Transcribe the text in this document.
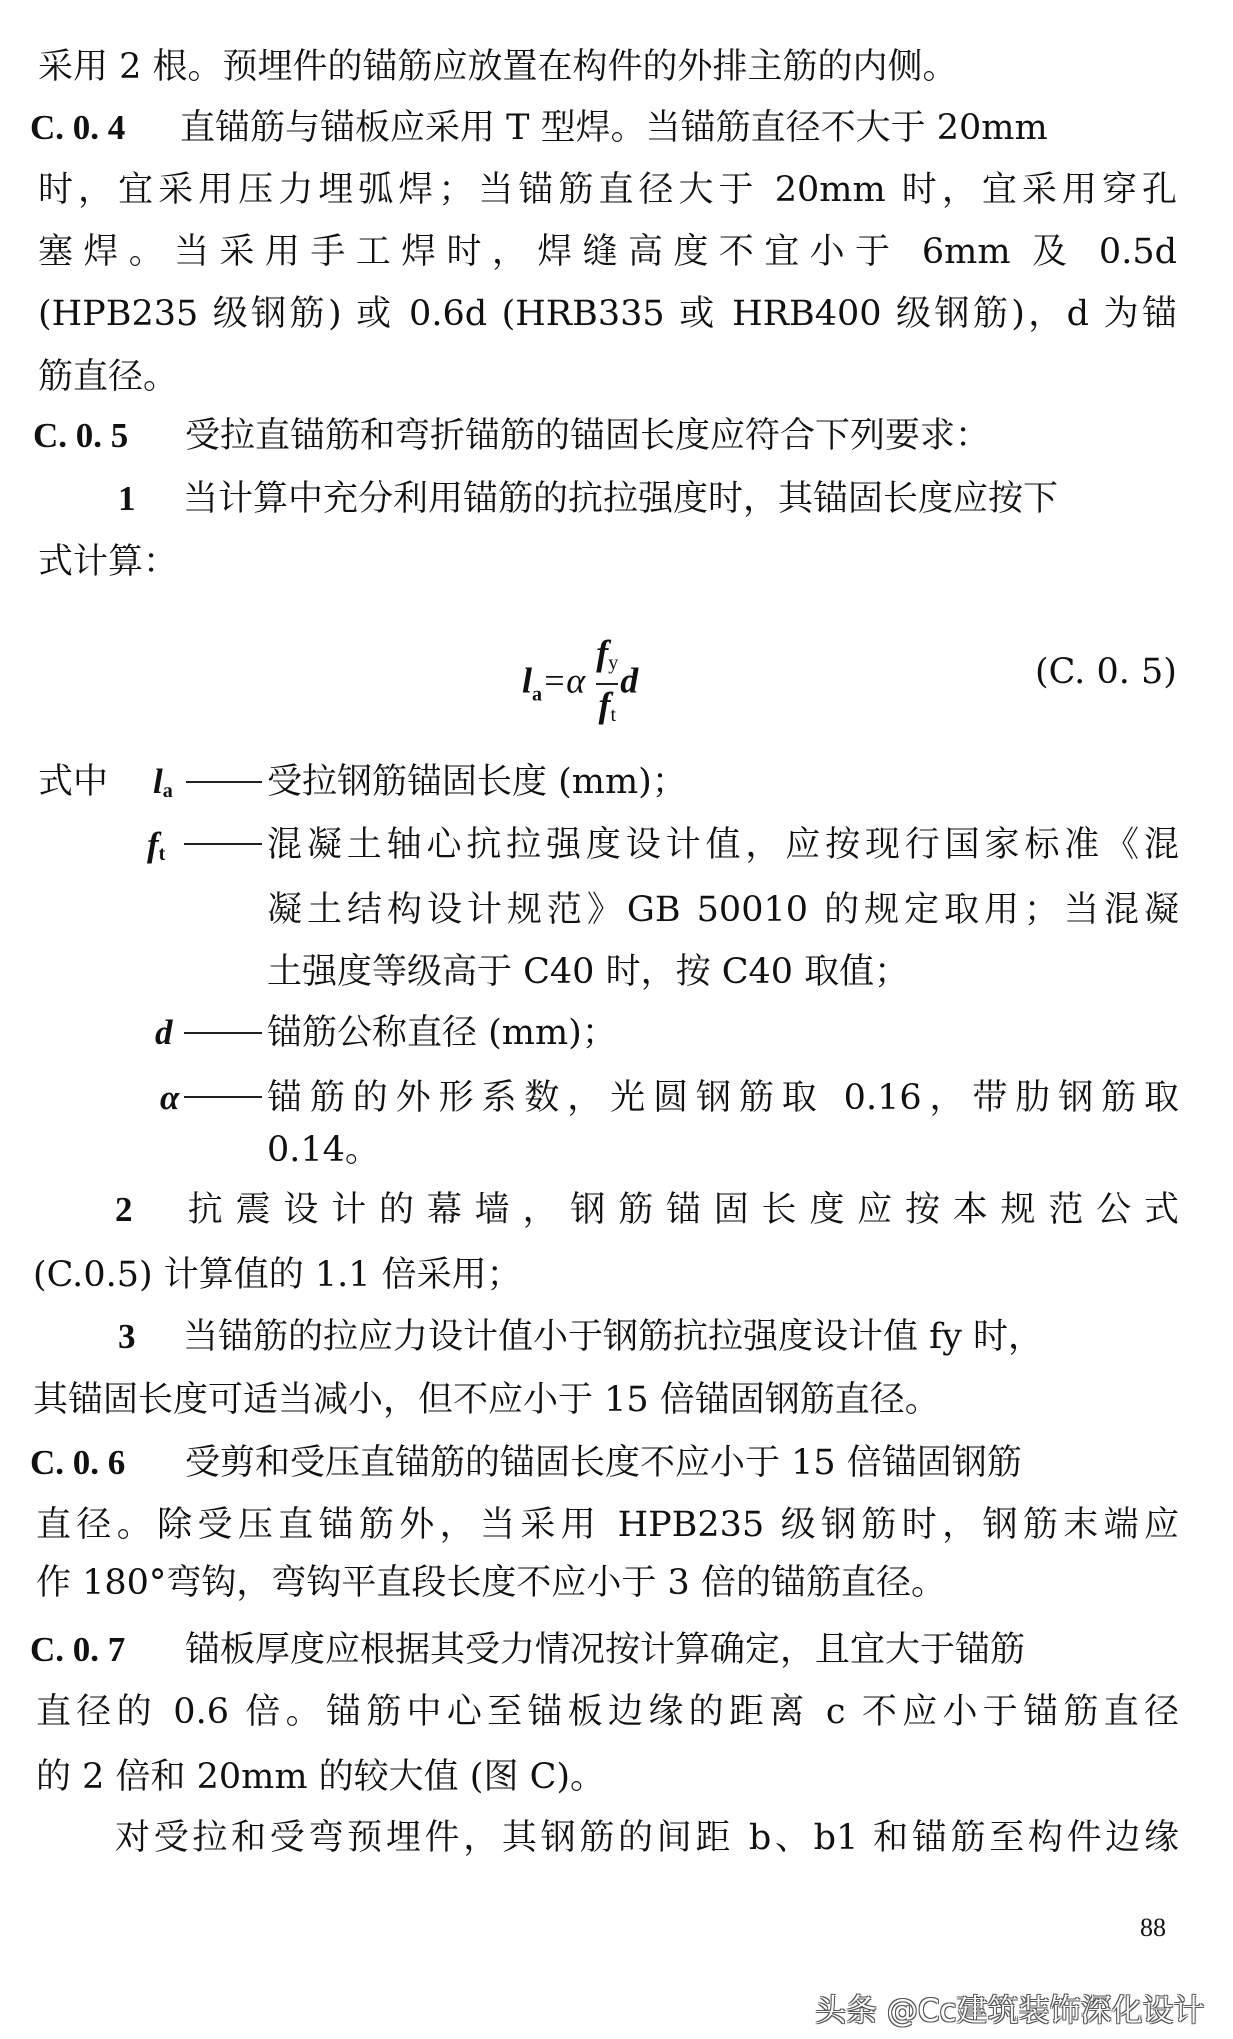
采用 2 根。预埋件的锚筋应放置在构件的外排主筋的内侧。
C. 0. 4 直锚筋与锚板应采用 T 型焊。当锚筋直径不大于 20mm
时，宜采用压力埋弧焊；当锚筋直径大于 20mm 时，宜采用穿孔
塞焊。当采用手工焊时，焊缝高度不宜小于 6mm 及 0.5d
(HPB235 级钢筋) 或 0.6d (HRB335 或 HRB400 级钢筋)，d 为锚
筋直径。
C. 0. 5 受拉直锚筋和弯折锚筋的锚固长度应符合下列要求：
1 当计算中充分利用锚筋的抗拉强度时，其锚固长度应按下
式计算：
$l_a=\alpha \frac{f_y}{f_t}$ d	(C. 0. 5)
式中 $l_a$	受拉钢筋锚固长度 (mm)；
$f_t$	混凝土轴心抗拉强度设计值，应按现行国家标准《混
凝土结构设计规范》GB 50010 的规定取用；当混凝
土强度等级高于 C40 时，按 C40 取值；
d	锚筋公称直径 (mm)；
α	锚筋的外形系数，光圆钢筋取 0.16，带肋钢筋取
0.14。
2 抗震设计的幕墙，钢筋锚固长度应按本规范公式
(C.0.5) 计算值的 1.1 倍采用；
3 当锚筋的拉应力设计值小于钢筋抗拉强度设计值 fy 时，
其锚固长度可适当减小，但不应小于 15 倍锚固钢筋直径。
C. 0. 6 受剪和受压直锚筋的锚固长度不应小于 15 倍锚固钢筋
直径。除受压直锚筋外，当采用 HPB235 级钢筋时，钢筋末端应
作 180°弯钩，弯钩平直段长度不应小于 3 倍的锚筋直径。
C. 0. 7 锚板厚度应根据其受力情况按计算确定，且宜大于锚筋
直径的 0.6 倍。锚筋中心至锚板边缘的距离 c 不应小于锚筋直径
的 2 倍和 20mm 的较大值 (图 C)。
对受拉和受弯预埋件，其钢筋的间距 b、b1 和锚筋至构件边缘
88
头条 @Cc建筑装饰深化设计
